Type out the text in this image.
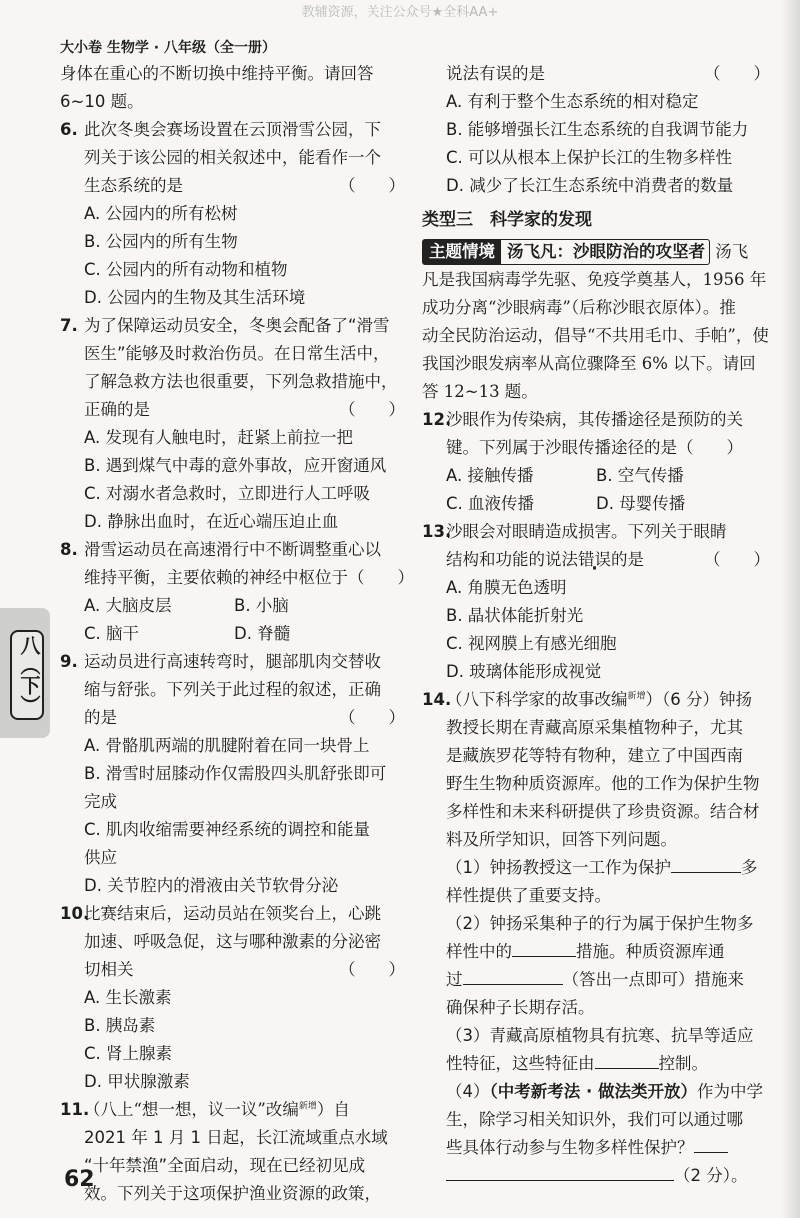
教辅资源，关注公众号★全科AA+
大小卷 生物学 · 八年级（全一册）
八（下）
身体在重心的不断切换中维持平衡。请回答
6~10 题。
6. 此次冬奥会赛场设置在云顶滑雪公园，下
列关于该公园的相关叙述中，能看作一个
生态系统的是	（　　）
A. 公园内的所有松树
B. 公园内的所有生物
C. 公园内的所有动物和植物
D. 公园内的生物及其生活环境
7. 为了保障运动员安全，冬奥会配备了“滑雪
医生”能够及时救治伤员。在日常生活中，
了解急救方法也很重要，下列急救措施中，
正确的是	（　　）
A. 发现有人触电时，赶紧上前拉一把
B. 遇到煤气中毒的意外事故，应开窗通风
C. 对溺水者急救时，立即进行人工呼吸
D. 静脉出血时，在近心端压迫止血
8. 滑雪运动员在高速滑行中不断调整重心以
维持平衡，主要依赖的神经中枢位于（　　）
A. 大脑皮层	B. 小脑
C. 脑干	D. 脊髓
9. 运动员进行高速转弯时，腿部肌肉交替收
缩与舒张。下列关于此过程的叙述，正确
的是	（　　）
A. 骨骼肌两端的肌腱附着在同一块骨上
B. 滑雪时屈膝动作仅需股四头肌舒张即可
完成
C. 肌肉收缩需要神经系统的调控和能量
供应
D. 关节腔内的滑液由关节软骨分泌
10.比赛结束后，运动员站在领奖台上，心跳
加速、呼吸急促，这与哪种激素的分泌密
切相关	（　　）
A. 生长激素
B. 胰岛素
C. 肾上腺素
D. 甲状腺激素
11.（八上“想一想，议一议”改编$^{新增}$）自
2021 年 1 月 1 日起，长江流域重点水域
“十年禁渔”全面启动，现在已经初见成
效。下列关于这项保护渔业资源的政策，
说法有误的是	（　　）
A. 有利于整个生态系统的相对稳定
B. 能够增强长江生态系统的自我调节能力
C. 可以从根本上保护长江的生物多样性
D. 减少了长江生态系统中消费者的数量
类型三　科学家的发现
主题情境 汤飞凡：沙眼防治的攻坚者 汤飞
凡是我国病毒学先驱、免疫学奠基人，1956 年
成功分离“沙眼病毒”（后称沙眼衣原体）。推
动全民防治运动，倡导“不共用毛巾、手帕”，使
我国沙眼发病率从高位骤降至 6% 以下。请回
答 12~13 题。
12.沙眼作为传染病，其传播途径是预防的关
键。下列属于沙眼传播途径的是（　　）
A. 接触传播	B. 空气传播
C. 血液传播	D. 母婴传播
13.沙眼会对眼睛造成损害。下列关于眼睛
结构和功能的说法错误的是	（　　）
A. 角膜无色透明
B. 晶状体能折射光
C. 视网膜上有感光细胞
D. 玻璃体能形成视觉
14.（八下科学家的故事改编$^{新增}$）（6 分）钟扬
教授长期在青藏高原采集植物种子，尤其
是藏族罗花等特有物种，建立了中国西南
野生生物种质资源库。他的工作为保护生物
多样性和未来科研提供了珍贵资源。结合材
料及所学知识，回答下列问题。
（1）钟扬教授这一工作为保护	多
样性提供了重要支持。
（2）钟扬采集种子的行为属于保护生物多
样性中的	措施。种质资源库通
过	（答出一点即可）措施来
确保种子长期存活。
（3）青藏高原植物具有抗寒、抗旱等适应
性特征，这些特征由	控制。
（4）（中考新考法 · 做法类开放）作为中学
生，除学习相关知识外，我们可以通过哪
些具体行动参与生物多样性保护？
（2 分）。
62
